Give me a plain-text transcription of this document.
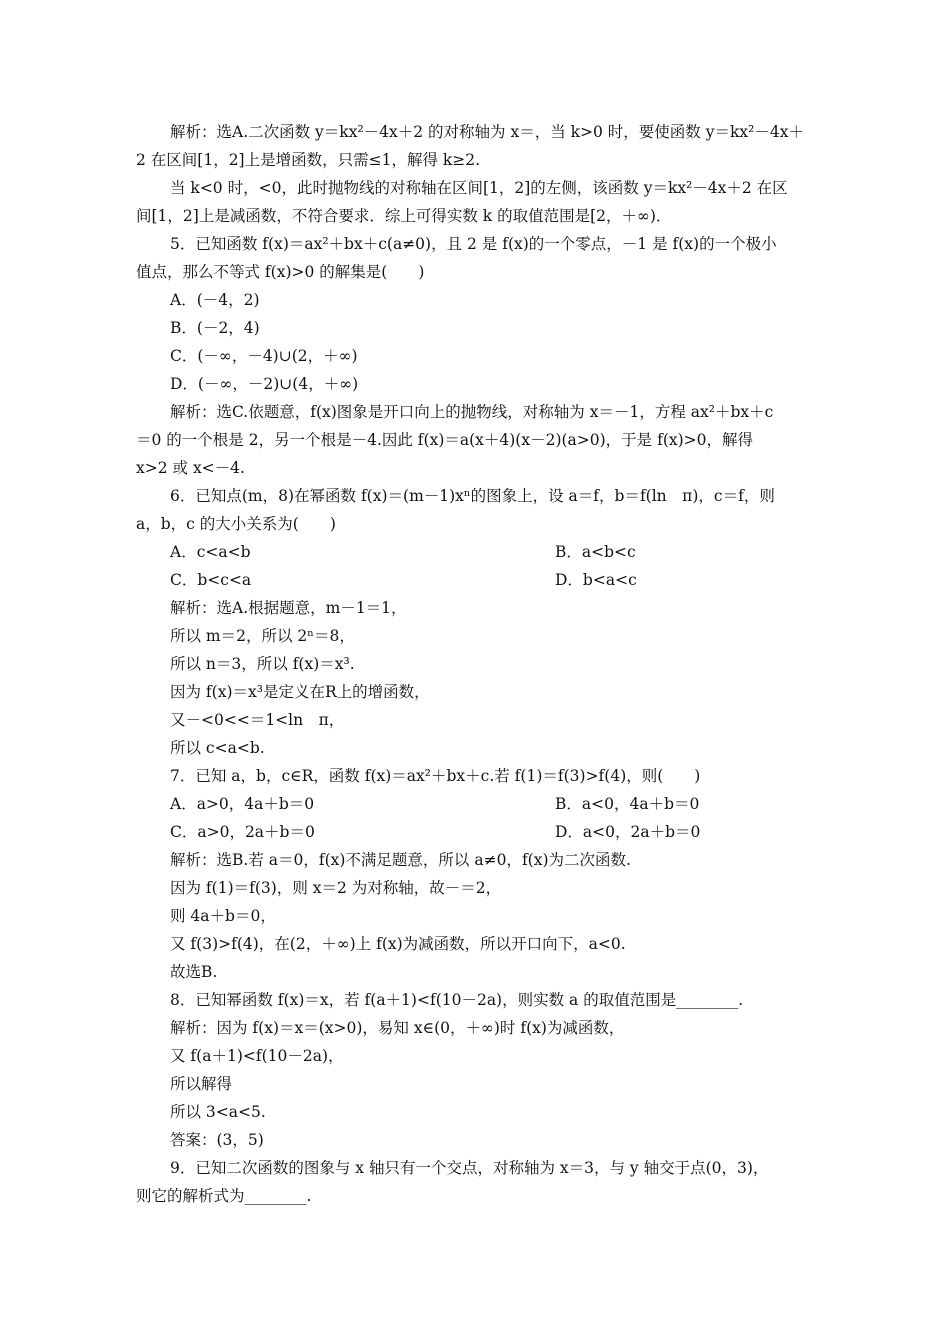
解析：选A.二次函数 y＝kx²－4x＋2 的对称轴为 x＝，当 k>0 时，要使函数 y＝kx²－4x＋
2 在区间[1，2]上是增函数，只需≤1，解得 k≥2.
当 k<0 时，<0，此时抛物线的对称轴在区间[1，2]的左侧，该函数 y＝kx²－4x＋2 在区
间[1，2]上是减函数，不符合要求．综上可得实数 k 的取值范围是[2，＋∞)．
5．已知函数 f(x)＝ax²＋bx＋c(a≠0)，且 2 是 f(x)的一个零点，－1 是 f(x)的一个极小
值点，那么不等式 f(x)>0 的解集是(　　)
A．(－4，2)
B．(－2，4)
C．(－∞，－4)∪(2，＋∞)
D．(－∞，－2)∪(4，＋∞)
解析：选C.依题意，f(x)图象是开口向上的抛物线，对称轴为 x＝－1，方程 ax²＋bx＋c
＝0 的一个根是 2，另一个根是－4.因此 f(x)＝a(x＋4)(x－2)(a>0)，于是 f(x)>0，解得
x>2 或 x<－4.
6．已知点(m，8)在幂函数 f(x)＝(m－1)xⁿ的图象上，设 a＝f，b＝f(ln　π)，c＝f，则
a，b，c 的大小关系为(　　)
A．c<a<b	B．a<b<c
C．b<c<a	D．b<a<c
解析：选A.根据题意，m－1＝1，
所以 m＝2，所以 2ⁿ＝8，
所以 n＝3，所以 f(x)＝x³.
因为 f(x)＝x³是定义在R上的增函数，
又－<0<<＝1<ln　π，
所以 c<a<b.
7．已知 a，b，c∈R，函数 f(x)＝ax²＋bx＋c.若 f(1)＝f(3)>f(4)，则(　　)
A．a>0，4a＋b＝0	B．a<0，4a＋b＝0
C．a>0，2a＋b＝0	D．a<0，2a＋b＝0
解析：选B.若 a＝0，f(x)不满足题意，所以 a≠0，f(x)为二次函数.
因为 f(1)＝f(3)，则 x＝2 为对称轴，故－＝2，
则 4a＋b＝0，
又 f(3)>f(4)，在(2，＋∞)上 f(x)为减函数，所以开口向下，a<0.
故选B.
8．已知幂函数 f(x)＝x，若 f(a＋1)<f(10－2a)，则实数 a 的取值范围是________.
解析：因为 f(x)＝x＝(x>0)，易知 x∈(0，＋∞)时 f(x)为减函数，
又 f(a＋1)<f(10－2a)，
所以解得
所以 3<a<5.
答案：(3，5)
9．已知二次函数的图象与 x 轴只有一个交点，对称轴为 x＝3，与 y 轴交于点(0，3)，
则它的解析式为________.
